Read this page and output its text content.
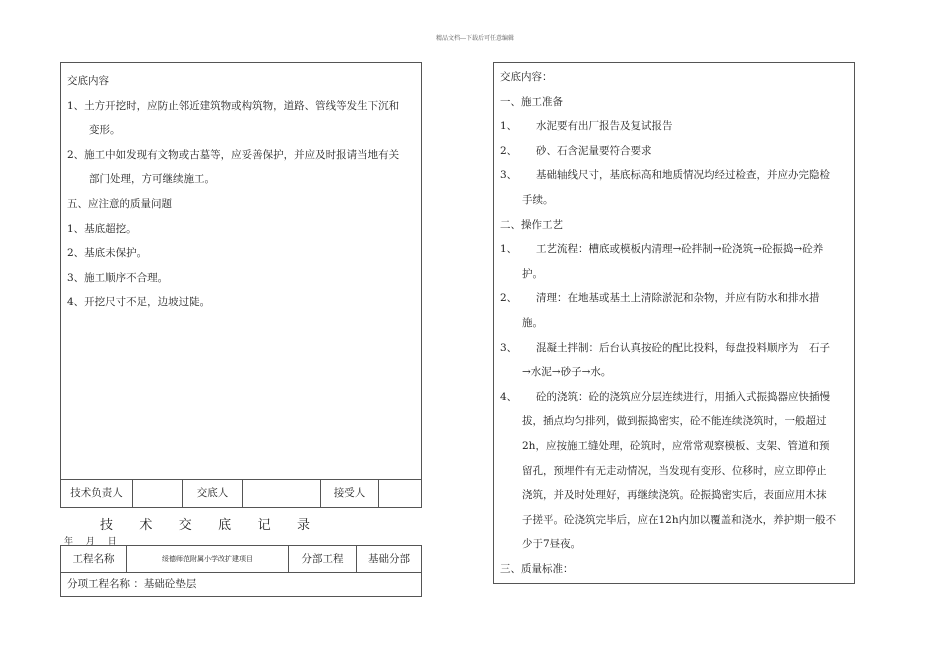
精品文档---下载后可任意编辑
交底内容
1、土方开挖时，应防止邻近建筑物或构筑物，道路、管线等发生下沉和
变形。
2、施工中如发现有文物或古墓等，应妥善保护，并应及时报请当地有关
部门处理，方可继续施工。
五、应注意的质量问题
1、基底超挖。
2、基底未保护。
3、施工顺序不合理。
4、开挖尺寸不足，边坡过陡。
技术负责人	交底人	接受人
技 术 交 底 记 录
年 月 日
工程名称	绥德师范附属小学改扩建项目	分部工程	基础分部
分项工程名称 ：基础砼垫层
交底内容：
一、施工准备
1、 水泥要有出厂报告及复试报告
2、 砂、石含泥量要符合要求
3、 基础轴线尺寸，基底标高和地质情况均经过检查，并应办完隐检
手续。
二、操作工艺
1、 工艺流程：槽底或模板内清理→砼拌制→砼浇筑→砼振捣→砼养
护。
2、 清理：在地基或基土上清除淤泥和杂物，并应有防水和排水措
施。
3、 混凝土拌制：后台认真按砼的配比投料，每盘投料顺序为　石子
→水泥→砂子→水。
4、 砼的浇筑：砼的浇筑应分层连续进行，用插入式振捣器应快插慢
拔，插点均匀排列，做到振捣密实，砼不能连续浇筑时，一般超过
2h，应按施工缝处理，砼筑时，应常常观察模板、支架、管道和预
留孔，预埋件有无走动情况，当发现有变形、位移时，应立即停止
浇筑，并及时处理好，再继续浇筑。砼振捣密实后，表面应用木抹
子搓平。砼浇筑完毕后，应在12h内加以覆盖和浇水，养护期一般不
少于7昼夜。
三、质量标准：
